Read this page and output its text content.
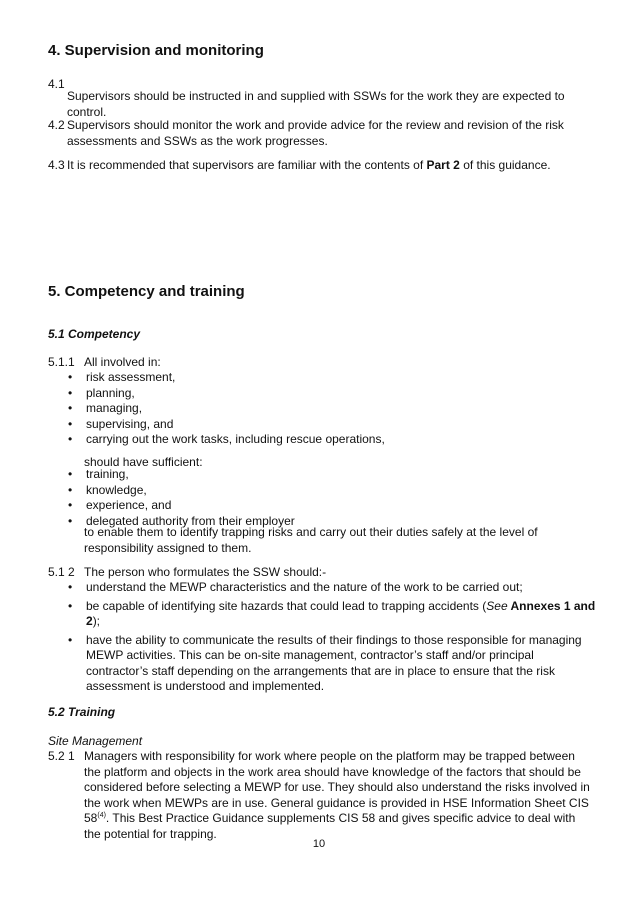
4. Supervision and monitoring
4.1

Supervisors should be instructed in and supplied with SSWs for the work they are expected to control.

4.2 Supervisors should monitor the work and provide advice for the review and revision of the risk assessments and SSWs as the work progresses.

4.3 It is recommended that supervisors are familiar with the contents of Part 2 of this guidance.

5. Competency and training
5.1 Competency
5.1.1 All involved in:

• risk assessment,
• planning,
• managing,
• supervising, and
• carrying out the work tasks, including rescue operations,

should have sufficient:

• training,
• knowledge,
• experience, and
• delegated authority from their employer

to enable them to identify trapping risks and carry out their duties safely at the level of responsibility assigned to them.

5.1 2 The person who formulates the SSW should:-

• understand the MEWP characteristics and the nature of the work to be carried out;
• be capable of identifying site hazards that could lead to trapping accidents (See Annexes 1 and 2);
• have the ability to communicate the results of their findings to those responsible for managing MEWP activities. This can be on-site management, contractor’s staff and/or principal contractor’s staff depending on the arrangements that are in place to ensure that the risk assessment is understood and implemented.
5.2 Training

Site Management

5.2 1 Managers with responsibility for work where people on the platform may be trapped between the platform and objects in the work area should have knowledge of the factors that should be considered before selecting a MEWP for use. They should also understand the risks involved in the work when MEWPs are in use. General guidance is provided in HSE Information Sheet CIS 58$^{(4)}$. This Best Practice Guidance supplements CIS 58 and gives specific advice to deal with the potential for trapping.

10
